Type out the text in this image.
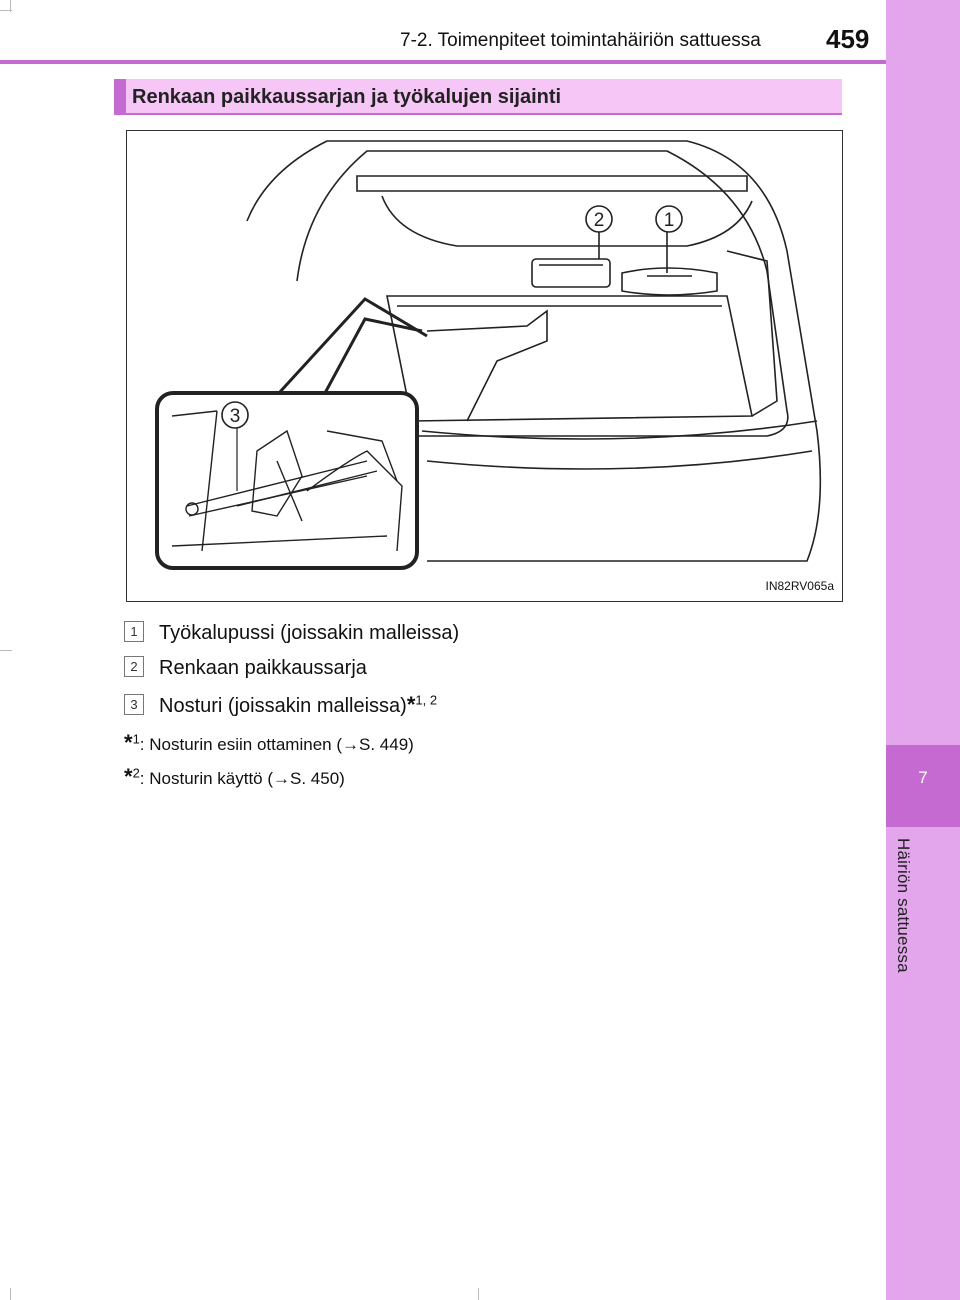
7-2. Toimenpiteet toimintahäiriön sattuessa	459
7
Häiriön sattuessa
Renkaan paikkaussarjan ja työkalujen sijainti
1
2
3
IN82RV065a
1 Työkalupussi (joissakin malleissa)
2 Renkaan paikkaussarja
3 Nosturi (joissakin malleissa)*$^{1, 2}$
*$^1$: Nosturin esiin ottaminen (→S. 449)
*$^2$: Nosturin käyttö (→S. 450)
